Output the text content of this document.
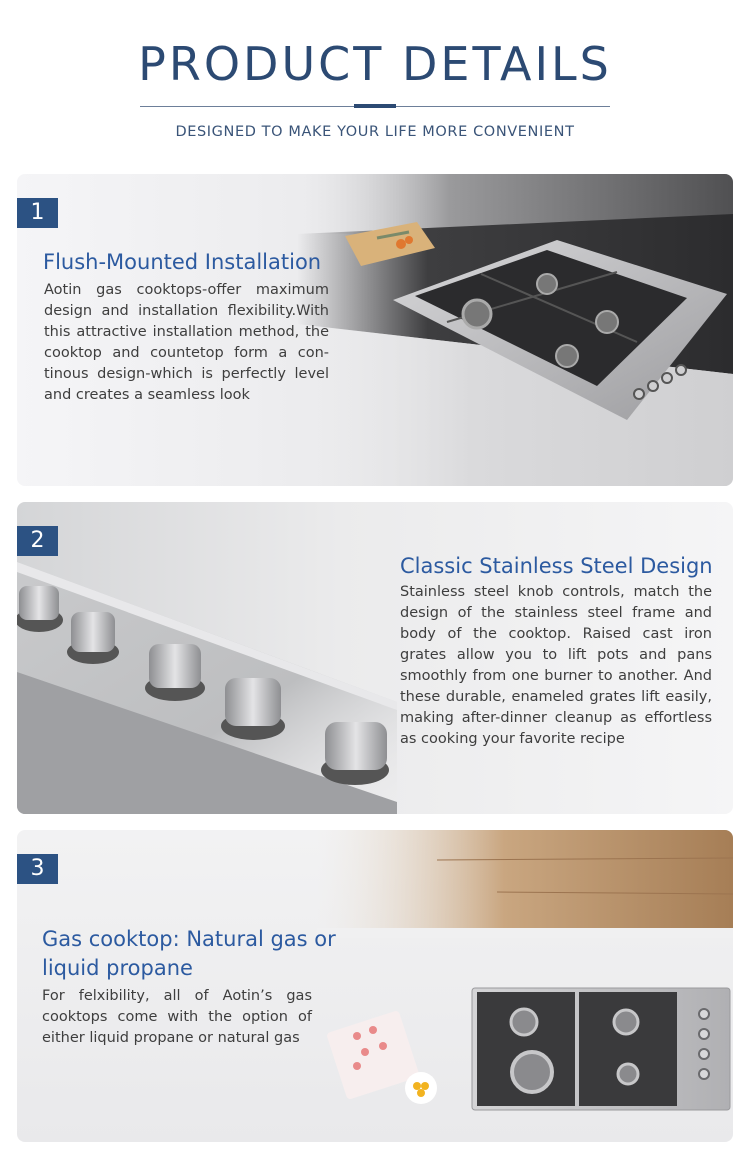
PRODUCT DETAILS
DESIGNED TO MAKE YOUR LIFE MORE CONVENIENT
1
Flush-Mounted Installation
Aotin gas cooktops-offer maximum design and installation flexibility.With this attractive installation method, the cooktop and countetop form a con-tinous design-which is perfectly level and creates a seamless look
2
Classic Stainless Steel Design
Stainless steel knob controls, match the design of the stainless steel frame and body of the cooktop. Raised cast iron grates allow you to lift pots and pans smoothly from one burner to another. And these durable, enameled grates lift easily, making after-dinner cleanup as effortless as cooking your favorite recipe
3
Gas cooktop: Natural gas or liquid propane
For felxibility, all of Aotin’s gas cooktops come with the option of either liquid propane or natural gas
